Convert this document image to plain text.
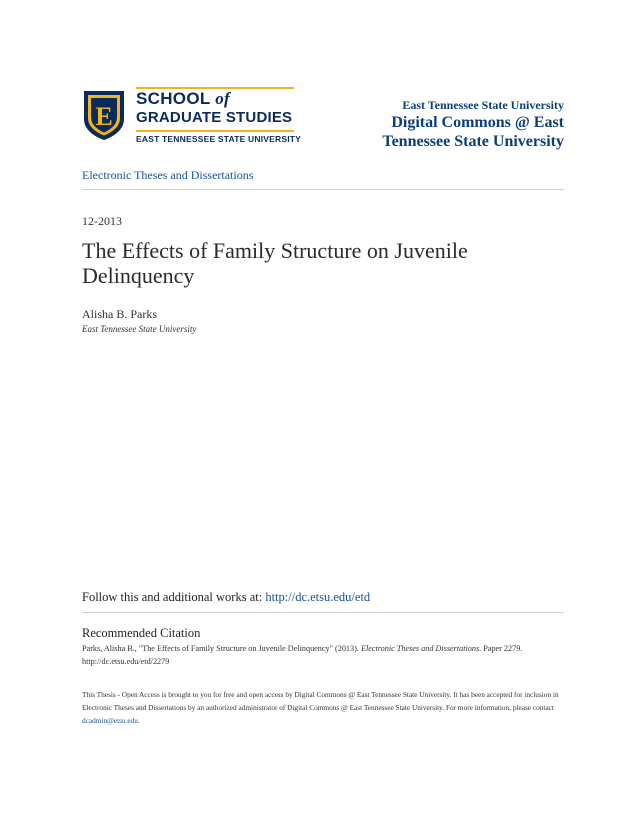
E
SCHOOL of
GRADUATE STUDIES
EAST TENNESSEE STATE UNIVERSITY
East Tennessee State University
Digital Commons @ East
Tennessee State University
Electronic Theses and Dissertations
12-2013
The Effects of Family Structure on Juvenile Delinquency
Alisha B. Parks
East Tennessee State University
Follow this and additional works at: http://dc.etsu.edu/etd
Recommended Citation
Parks, Alisha B., "The Effects of Family Structure on Juvenile Delinquency" (2013). Electronic Theses and Dissertations. Paper 2279.
http://dc.etsu.edu/etd/2279
This Thesis - Open Access is brought to you for free and open access by Digital Commons @ East Tennessee State University. It has been accepted for inclusion in Electronic Theses and Dissertations by an authorized administrator of Digital Commons @ East Tennessee State University. For more information, please contact dcadmin@etsu.edu.
